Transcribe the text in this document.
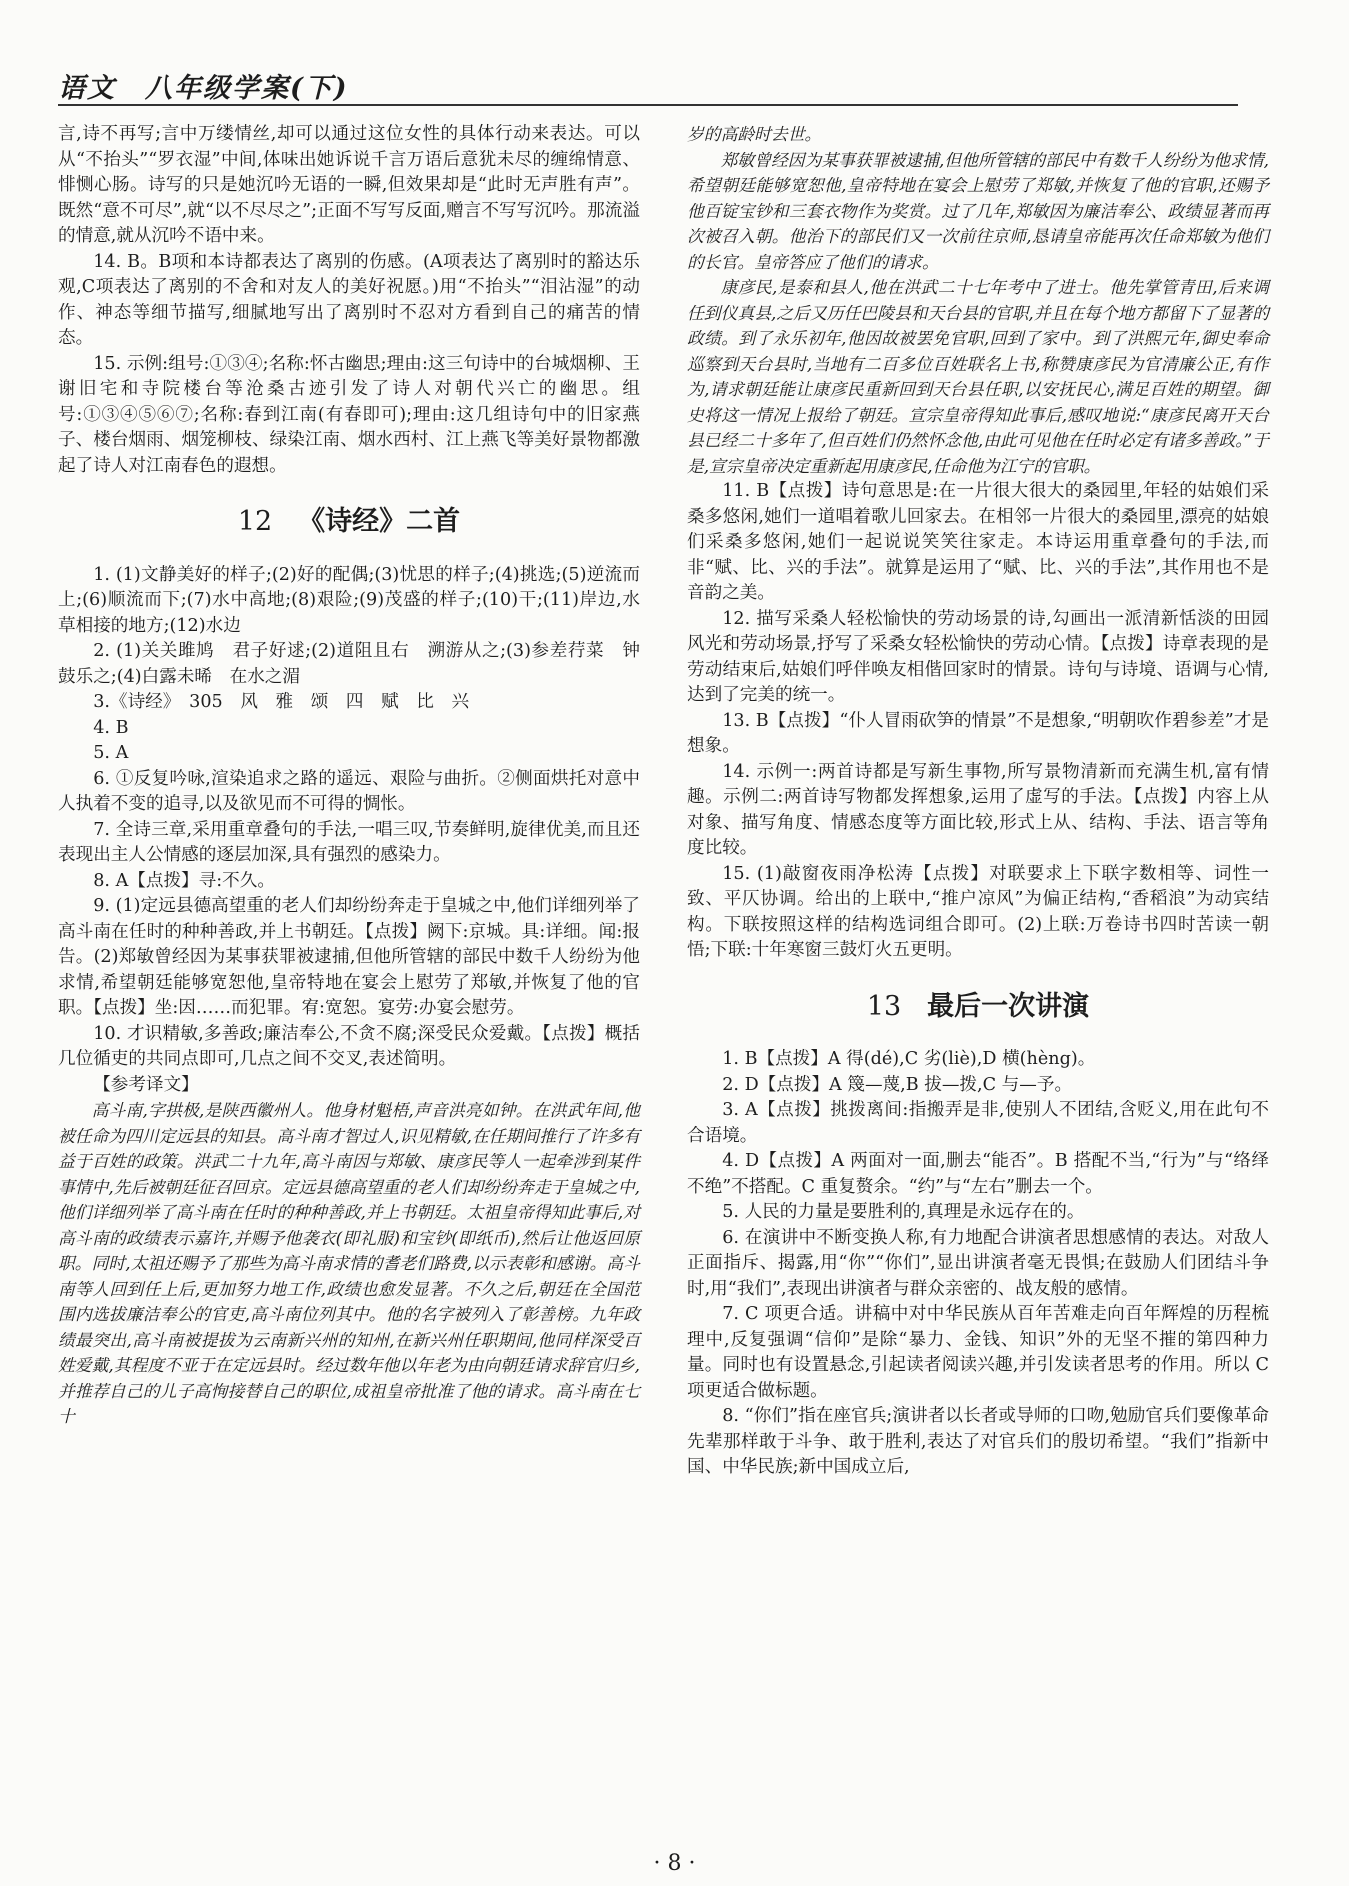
语文　八年级学案(下)

言,诗不再写;言中万缕情丝,却可以通过这位女性的具体行动来表达。可以从“不抬头”“罗衣湿”中间,体味出她诉说千言万语后意犹未尽的缠绵情意、悱恻心肠。诗写的只是她沉吟无语的一瞬,但效果却是“此时无声胜有声”。既然“意不可尽”,就“以不尽尽之”;正面不写写反面,赠言不写写沉吟。那流溢的情意,就从沉吟不语中来。

14. B。B项和本诗都表达了离别的伤感。(A项表达了离别时的豁达乐观,C项表达了离别的不舍和对友人的美好祝愿。)用“不抬头”“泪沾湿”的动作、神态等细节描写,细腻地写出了离别时不忍对方看到自己的痛苦的情态。

15. 示例:组号:①③④;名称:怀古幽思;理由:这三句诗中的台城烟柳、王谢旧宅和寺院楼台等沧桑古迹引发了诗人对朝代兴亡的幽思。组号:①③④⑤⑥⑦;名称:春到江南(有春即可);理由:这几组诗句中的旧家燕子、楼台烟雨、烟笼柳枝、绿染江南、烟水西村、江上燕飞等美好景物都激起了诗人对江南春色的遐想。

12 《诗经》二首

1. (1)文静美好的样子;(2)好的配偶;(3)忧思的样子;(4)挑选;(5)逆流而上;(6)顺流而下;(7)水中高地;(8)艰险;(9)茂盛的样子;(10)干;(11)岸边,水草相接的地方;(12)水边

2. (1)关关雎鸠　君子好逑;(2)道阻且右　溯游从之;(3)参差荇菜　钟鼓乐之;(4)白露未晞　在水之湄

3.《诗经》　305　风　雅　颂　四　赋　比　兴

4. B

5. A

6. ①反复吟咏,渲染追求之路的遥远、艰险与曲折。②侧面烘托对意中人执着不变的追寻,以及欲见而不可得的惆怅。

7. 全诗三章,采用重章叠句的手法,一唱三叹,节奏鲜明,旋律优美,而且还表现出主人公情感的逐层加深,具有强烈的感染力。

8. A【点拨】寻:不久。

9. (1)定远县德高望重的老人们却纷纷奔走于皇城之中,他们详细列举了高斗南在任时的种种善政,并上书朝廷。【点拨】阙下:京城。具:详细。闻:报告。(2)郑敏曾经因为某事获罪被逮捕,但他所管辖的部民中数千人纷纷为他求情,希望朝廷能够宽恕他,皇帝特地在宴会上慰劳了郑敏,并恢复了他的官职。【点拨】坐:因……而犯罪。宥:宽恕。宴劳:办宴会慰劳。

10. 才识精敏,多善政;廉洁奉公,不贪不腐;深受民众爱戴。【点拨】概括几位循吏的共同点即可,几点之间不交叉,表述简明。

【参考译文】

高斗南,字拱极,是陕西徽州人。他身材魁梧,声音洪亮如钟。在洪武年间,他被任命为四川定远县的知县。高斗南才智过人,识见精敏,在任期间推行了许多有益于百姓的政策。洪武二十九年,高斗南因与郑敏、康彦民等人一起牵涉到某件事情中,先后被朝廷征召回京。定远县德高望重的老人们却纷纷奔走于皇城之中,他们详细列举了高斗南在任时的种种善政,并上书朝廷。太祖皇帝得知此事后,对高斗南的政绩表示嘉许,并赐予他袭衣(即礼服)和宝钞(即纸币),然后让他返回原职。同时,太祖还赐予了那些为高斗南求情的耆老们路费,以示表彰和感谢。高斗南等人回到任上后,更加努力地工作,政绩也愈发显著。不久之后,朝廷在全国范围内选拔廉洁奉公的官吏,高斗南位列其中。他的名字被列入了彰善榜。九年政绩最突出,高斗南被提拔为云南新兴州的知州,在新兴州任职期间,他同样深受百姓爱戴,其程度不亚于在定远县时。经过数年他以年老为由向朝廷请求辞官归乡,并推荐自己的儿子高恂接替自己的职位,成祖皇帝批准了他的请求。高斗南在七十

岁的高龄时去世。

郑敏曾经因为某事获罪被逮捕,但他所管辖的部民中有数千人纷纷为他求情,希望朝廷能够宽恕他,皇帝特地在宴会上慰劳了郑敏,并恢复了他的官职,还赐予他百锭宝钞和三套衣物作为奖赏。过了几年,郑敏因为廉洁奉公、政绩显著而再次被召入朝。他治下的部民们又一次前往京师,恳请皇帝能再次任命郑敏为他们的长官。皇帝答应了他们的请求。

康彦民,是泰和县人,他在洪武二十七年考中了进士。他先掌管青田,后来调任到仪真县,之后又历任巴陵县和天台县的官职,并且在每个地方都留下了显著的政绩。到了永乐初年,他因故被罢免官职,回到了家中。到了洪熙元年,御史奉命巡察到天台县时,当地有二百多位百姓联名上书,称赞康彦民为官清廉公正,有作为,请求朝廷能让康彦民重新回到天台县任职,以安抚民心,满足百姓的期望。御史将这一情况上报给了朝廷。宣宗皇帝得知此事后,感叹地说:“康彦民离开天台县已经二十多年了,但百姓们仍然怀念他,由此可见他在任时必定有诸多善政。”于是,宣宗皇帝决定重新起用康彦民,任命他为江宁的官职。

11. B【点拨】诗句意思是:在一片很大很大的桑园里,年轻的姑娘们采桑多悠闲,她们一道唱着歌儿回家去。在相邻一片很大的桑园里,漂亮的姑娘们采桑多悠闲,她们一起说说笑笑往家走。本诗运用重章叠句的手法,而非“赋、比、兴的手法”。就算是运用了“赋、比、兴的手法”,其作用也不是音韵之美。

12. 描写采桑人轻松愉快的劳动场景的诗,勾画出一派清新恬淡的田园风光和劳动场景,抒写了采桑女轻松愉快的劳动心情。【点拨】诗章表现的是劳动结束后,姑娘们呼伴唤友相偕回家时的情景。诗句与诗境、语调与心情,达到了完美的统一。

13. B【点拨】“仆人冒雨砍笋的情景”不是想象,“明朝吹作碧参差”才是想象。

14. 示例一:两首诗都是写新生事物,所写景物清新而充满生机,富有情趣。示例二:两首诗写物都发挥想象,运用了虚写的手法。【点拨】内容上从对象、描写角度、情感态度等方面比较,形式上从、结构、手法、语言等角度比较。

15. (1)敲窗夜雨净松涛【点拨】对联要求上下联字数相等、词性一致、平仄协调。给出的上联中,“推户凉风”为偏正结构,“香稻浪”为动宾结构。下联按照这样的结构选词组合即可。(2)上联:万卷诗书四时苦读一朝悟;下联:十年寒窗三鼓灯火五更明。

13 最后一次讲演

1. B【点拨】A 得(dé),C 劣(liè),D 横(hèng)。

2. D【点拨】A 篾—蔑,B 拔—拨,C 与—予。

3. A【点拨】挑拨离间:指搬弄是非,使别人不团结,含贬义,用在此句不合语境。

4. D【点拨】A 两面对一面,删去“能否”。B 搭配不当,“行为”与“络绎不绝”不搭配。C 重复赘余。“约”与“左右”删去一个。

5. 人民的力量是要胜利的,真理是永远存在的。

6. 在演讲中不断变换人称,有力地配合讲演者思想感情的表达。对敌人正面指斥、揭露,用“你”“你们”,显出讲演者毫无畏惧;在鼓励人们团结斗争时,用“我们”,表现出讲演者与群众亲密的、战友般的感情。

7. C 项更合适。讲稿中对中华民族从百年苦难走向百年辉煌的历程梳理中,反复强调“信仰”是除“暴力、金钱、知识”外的无坚不摧的第四种力量。同时也有设置悬念,引起读者阅读兴趣,并引发读者思考的作用。所以 C 项更适合做标题。

8. “你们”指在座官兵;演讲者以长者或导师的口吻,勉励官兵们要像革命先辈那样敢于斗争、敢于胜利,表达了对官兵们的殷切希望。“我们”指新中国、中华民族;新中国成立后,

· 8 ·
